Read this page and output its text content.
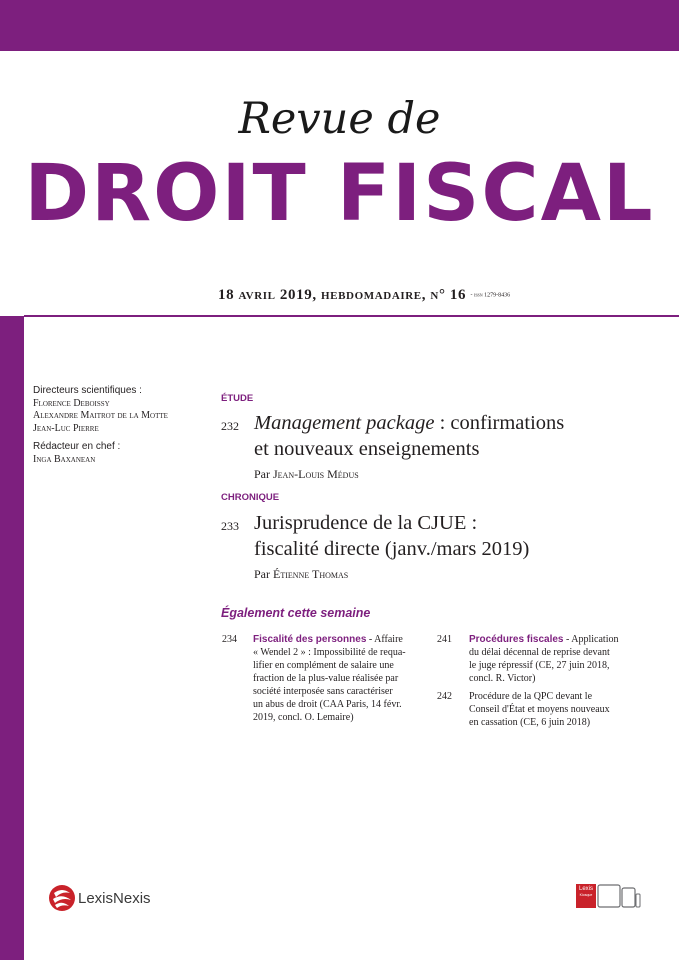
Revue de
DROIT FISCAL
18 avril 2019, hebdomadaire, n° 16 - issn 1279-8436
Directeurs scientifiques :
Florence Deboissy
Alexandre Maitrot de la Motte
Jean-Luc Pierre
Rédacteur en chef :
Inga Baxanean
ÉTUDE
232 Management package : confirmations
et nouveaux enseignements
Par Jean-Louis Médus
CHRONIQUE
233 Jurisprudence de la CJUE :
fiscalité directe (janv./mars 2019)
Par Étienne Thomas
Également cette semaine
234 Fiscalité des personnes - Affaire
« Wendel 2 » : Impossibilité de requa-
lifier en complément de salaire une
fraction de la plus-value réalisée par
société interposée sans caractériser
un abus de droit (CAA Paris, 14 févr.
2019, concl. O. Lemaire)
241 Procédures fiscales - Application
du délai décennal de reprise devant
le juge répressif (CE, 27 juin 2018,
concl. R. Victor)
242 Procédure de la QPC devant le
Conseil d'État et moyens nouveaux
en cassation (CE, 6 juin 2018)
LexisNexis
Lexis
Kiosque
